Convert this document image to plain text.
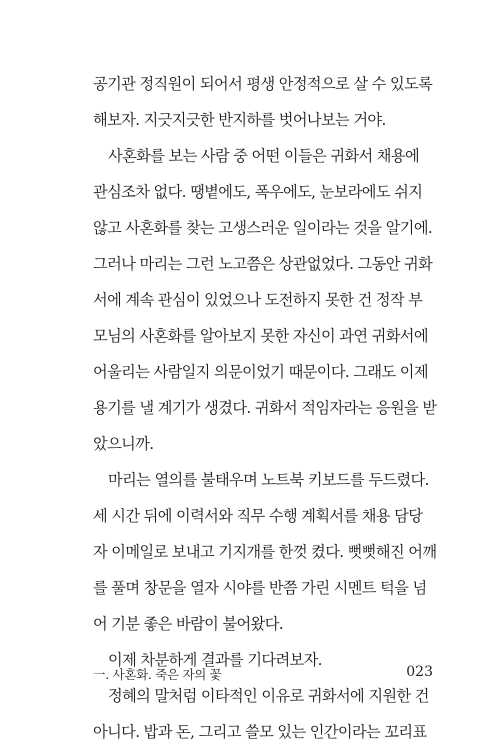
공기관 정직원이 되어서 평생 안정적으로 살 수 있도록
해보자. 지긋지긋한 반지하를 벗어나보는 거야.
사혼화를 보는 사람 중 어떤 이들은 귀화서 채용에
관심조차 없다. 땡볕에도, 폭우에도, 눈보라에도 쉬지
않고 사혼화를 찾는 고생스러운 일이라는 것을 알기에.
그러나 마리는 그런 노고쯤은 상관없었다. 그동안 귀화
서에 계속 관심이 있었으나 도전하지 못한 건 정작 부
모님의 사혼화를 알아보지 못한 자신이 과연 귀화서에
어울리는 사람일지 의문이었기 때문이다. 그래도 이제
용기를 낼 계기가 생겼다. 귀화서 적임자라는 응원을 받
았으니까.
마리는 열의를 불태우며 노트북 키보드를 두드렸다.
세 시간 뒤에 이력서와 직무 수행 계획서를 채용 담당
자 이메일로 보내고 기지개를 한껏 켰다. 뻣뻣해진 어깨
를 풀며 창문을 열자 시야를 반쯤 가린 시멘트 턱을 넘
어 기분 좋은 바람이 불어왔다.
이제 차분하게 결과를 기다려보자.
정혜의 말처럼 이타적인 이유로 귀화서에 지원한 건
아니다. 밥과 돈, 그리고 쓸모 있는 인간이라는 꼬리표
一. 사혼화. 죽은 자의 꽃	023
